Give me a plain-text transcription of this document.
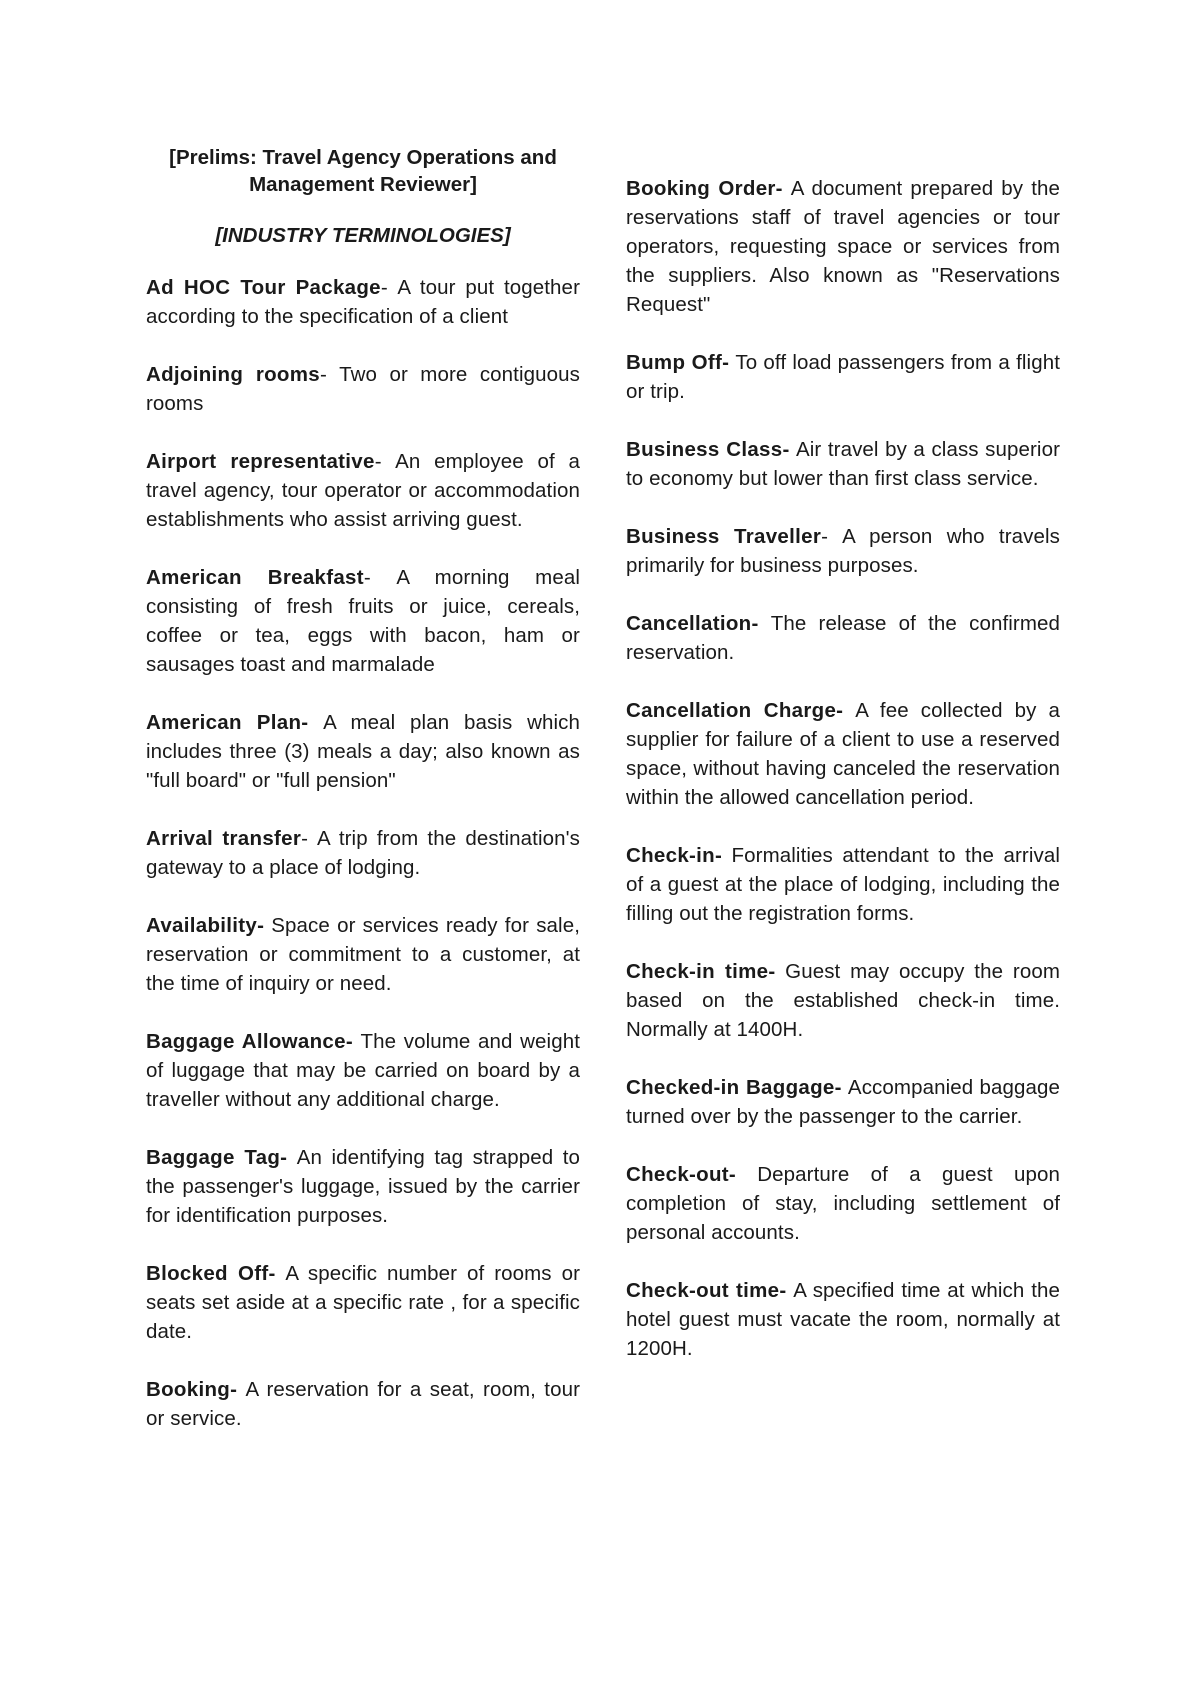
[Prelims: Travel Agency Operations and
Management Reviewer]

[INDUSTRY TERMINOLOGIES]

Ad HOC Tour Package- A tour put together according to the specification of a client

Adjoining rooms- Two or more contiguous rooms

Airport representative- An employee of a travel agency, tour operator or accommodation establishments who assist arriving guest.

American Breakfast- A morning meal consisting of fresh fruits or juice, cereals, coffee or tea, eggs with bacon, ham or sausages toast and marmalade

American Plan- A meal plan basis which includes three (3) meals a day; also known as "full board" or "full pension"

Arrival transfer- A trip from the destination's gateway to a place of lodging.

Availability- Space or services ready for sale, reservation or commitment to a customer, at the time of inquiry or need.

Baggage Allowance- The volume and weight of luggage that may be carried on board by a traveller without any additional charge.

Baggage Tag- An identifying tag strapped to the passenger's luggage, issued by the carrier for identification purposes.

Blocked Off- A specific number of rooms or seats set aside at a specific rate , for a specific date.

Booking- A reservation for a seat, room, tour or service.

Booking Order- A document prepared by the reservations staff of travel agencies or tour operators, requesting space or services from the suppliers. Also known as "Reservations Request"

Bump Off- To off load passengers from a flight or trip.

Business Class- Air travel by a class superior to economy but lower than first class service.

Business Traveller- A person who travels primarily for business purposes.

Cancellation- The release of the confirmed reservation.

Cancellation Charge- A fee collected by a supplier for failure of a client to use a reserved space, without having canceled the reservation within the allowed cancellation period.

Check-in- Formalities attendant to the arrival of a guest at the place of lodging, including the filling out the registration forms.

Check-in time- Guest may occupy the room based on the established check-in time. Normally at 1400H.

Checked-in Baggage- Accompanied baggage turned over by the passenger to the carrier.

Check-out- Departure of a guest upon completion of stay, including settlement of personal accounts.

Check-out time- A specified time at which the hotel guest must vacate the room, normally at 1200H.
